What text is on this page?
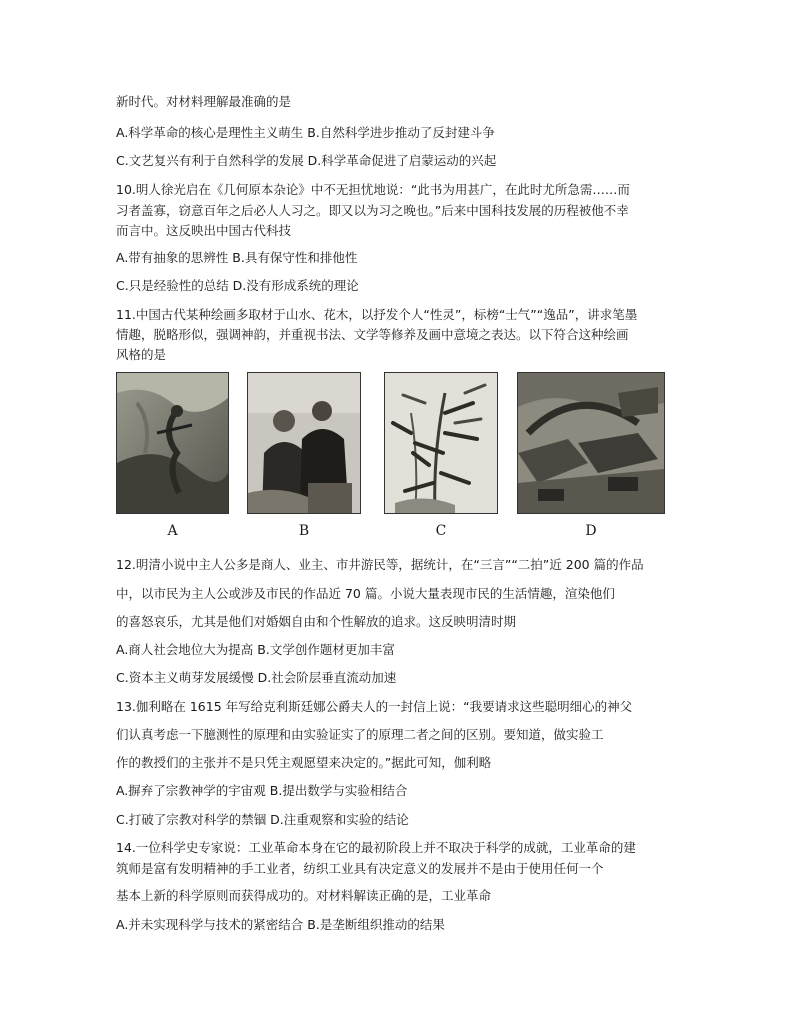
新时代。对材料理解最准确的是
A.科学革命的核心是理性主义萌生 B.自然科学进步推动了反封建斗争
C.文艺复兴有利于自然科学的发展 D.科学革命促进了启蒙运动的兴起
10.明人徐光启在《几何原本杂论》中不无担忧地说：“此书为用甚广，在此时尤所急需……而
习者盖寡，窃意百年之后必人人习之。即又以为习之晚也。”后来中国科技发展的历程被他不幸
而言中。这反映出中国古代科技
A.带有抽象的思辨性 B.具有保守性和排他性
C.只是经验性的总结 D.没有形成系统的理论
11.中国古代某种绘画多取材于山水、花木，以抒发个人“性灵”，标榜“士气”“逸品”，讲求笔墨
情趣，脱略形似，强调神韵，并重视书法、文学等修养及画中意境之表达。以下符合这种绘画
风格的是
A	B	C	D
12.明清小说中主人公多是商人、业主、市井游民等，据统计，在“三言”“二拍”近 200 篇的作品
中，以市民为主人公或涉及市民的作品近 70 篇。小说大量表现市民的生活情趣，渲染他们
的喜怒哀乐，尤其是他们对婚姻自由和个性解放的追求。这反映明清时期
A.商人社会地位大为提高 B.文学创作题材更加丰富
C.资本主义萌芽发展缓慢 D.社会阶层垂直流动加速
13.伽利略在 1615 年写给克利斯廷娜公爵夫人的一封信上说：“我要请求这些聪明细心的神父
们认真考虑一下臆测性的原理和由实验证实了的原理二者之间的区别。要知道，做实验工
作的教授们的主张并不是只凭主观愿望来决定的。”据此可知，伽利略
A.摒弃了宗教神学的宇宙观 B.提出数学与实验相结合
C.打破了宗教对科学的禁锢 D.注重观察和实验的结论
14.一位科学史专家说：工业革命本身在它的最初阶段上并不取决于科学的成就，工业革命的建
筑师是富有发明精神的手工业者，纺织工业具有决定意义的发展并不是由于使用任何一个
基本上新的科学原则而获得成功的。对材料解读正确的是，工业革命
A.并未实现科学与技术的紧密结合 B.是垄断组织推动的结果
